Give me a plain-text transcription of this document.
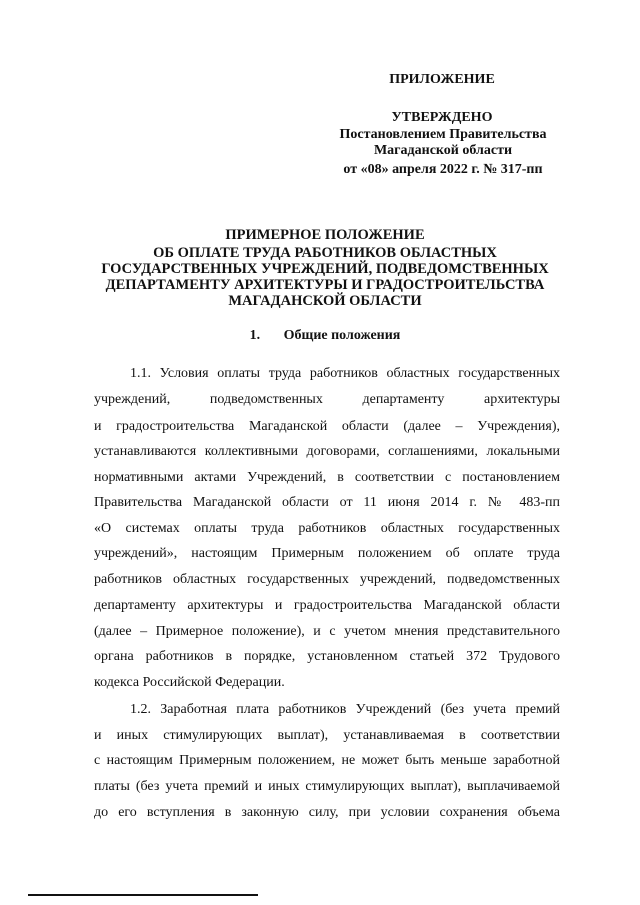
ПРИЛОЖЕНИЕ
УТВЕРЖДЕНО
Постановлением Правительства
Магаданской области
от «08» апреля 2022 г. № 317-пп
ПРИМЕРНОЕ ПОЛОЖЕНИЕ
ОБ ОПЛАТЕ ТРУДА РАБОТНИКОВ ОБЛАСТНЫХ
ГОСУДАРСТВЕННЫХ УЧРЕЖДЕНИЙ, ПОДВЕДОМСТВЕННЫХ
ДЕПАРТАМЕНТУ АРХИТЕКТУРЫ И ГРАДОСТРОИТЕЛЬСТВА
МАГАДАНСКОЙ ОБЛАСТИ
1. Общие положения
1.1. Условия оплаты труда работников областных государственных
учреждений, подведомственных департаменту архитектуры
и градостроительства Магаданской области (далее – Учреждения),
устанавливаются коллективными договорами, соглашениями, локальными
нормативными актами Учреждений, в соответствии с постановлением
Правительства Магаданской области от 11 июня 2014 г. № 483-пп
«О системах оплаты труда работников областных государственных
учреждений», настоящим Примерным положением об оплате труда
работников областных государственных учреждений, подведомственных
департаменту архитектуры и градостроительства Магаданской области
(далее – Примерное положение), и с учетом мнения представительного
органа работников в порядке, установленном статьей 372 Трудового
кодекса Российской Федерации.
1.2. Заработная плата работников Учреждений (без учета премий
и иных стимулирующих выплат), устанавливаемая в соответствии
с настоящим Примерным положением, не может быть меньше заработной
платы (без учета премий и иных стимулирующих выплат), выплачиваемой
до его вступления в законную силу, при условии сохранения объема
